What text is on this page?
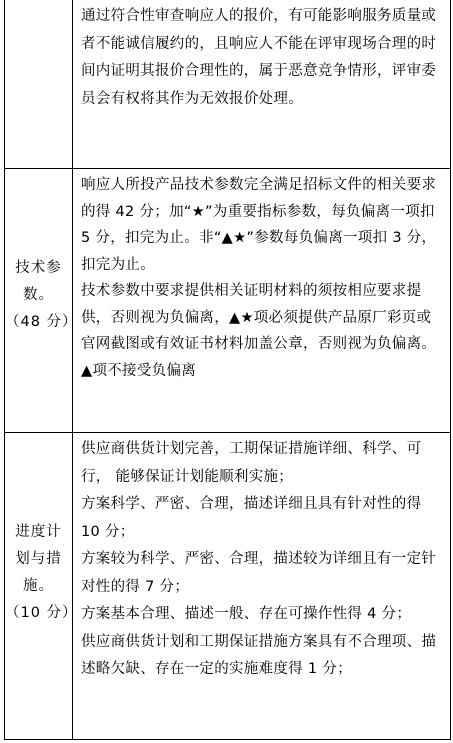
通过符合性审查响应人的报价，有可能影响服务质量或者不能诚信履约的，且响应人不能在评审现场合理的时间内证明其报价合理性的，属于恶意竞争情形，评审委员会有权将其作为无效报价处理。

技术参
数。
（48 分）

响应人所投产品技术参数完全满足招标文件的相关要求的得 42 分；加“★”为重要指标参数，每负偏离一项扣 5 分，扣完为止。非“▲★”参数每负偏离一项扣 3 分，扣完为止。

技术参数中要求提供相关证明材料的须按相应要求提供，否则视为负偏离，▲★项必须提供产品原厂彩页或官网截图或有效证书材料加盖公章，否则视为负偏离。▲项不接受负偏离

进度计
划与措
施。
（10 分）

供应商供货计划完善，工期保证措施详细、科学、可行， 能够保证计划能顺利实施；

方案科学、严密、合理，描述详细且具有针对性的得 10 分；

方案较为科学、严密、合理，描述较为详细且有一定针对性的得 7 分；

方案基本合理、描述一般、存在可操作性得 4 分；

供应商供货计划和工期保证措施方案具有不合理项、描述略欠缺、存在一定的实施难度得 1 分；
